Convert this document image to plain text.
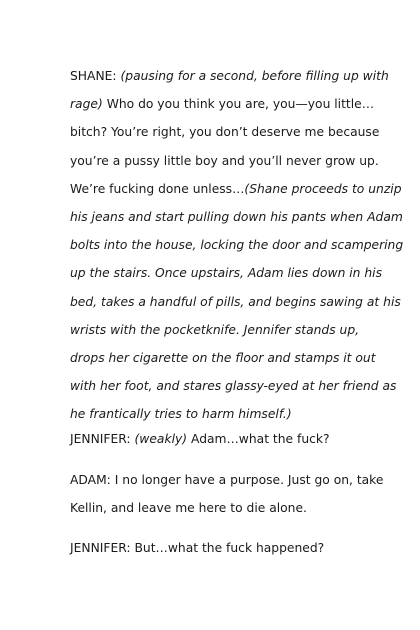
SHANE: (pausing for a second, before filling up with
rage) Who do you think you are, you—you little…
bitch? You’re right, you don’t deserve me because
you’re a pussy little boy and you’ll never grow up.
We’re fucking done unless…(Shane proceeds to unzip
his jeans and start pulling down his pants when Adam
bolts into the house, locking the door and scampering
up the stairs. Once upstairs, Adam lies down in his
bed, takes a handful of pills, and begins sawing at his
wrists with the pocketknife. Jennifer stands up,
drops her cigarette on the floor and stamps it out
with her foot, and stares glassy-eyed at her friend as
he frantically tries to harm himself.)
JENNIFER: (weakly) Adam…what the fuck?
ADAM: I no longer have a purpose. Just go on, take
Kellin, and leave me here to die alone.
JENNIFER: But…what the fuck happened?
